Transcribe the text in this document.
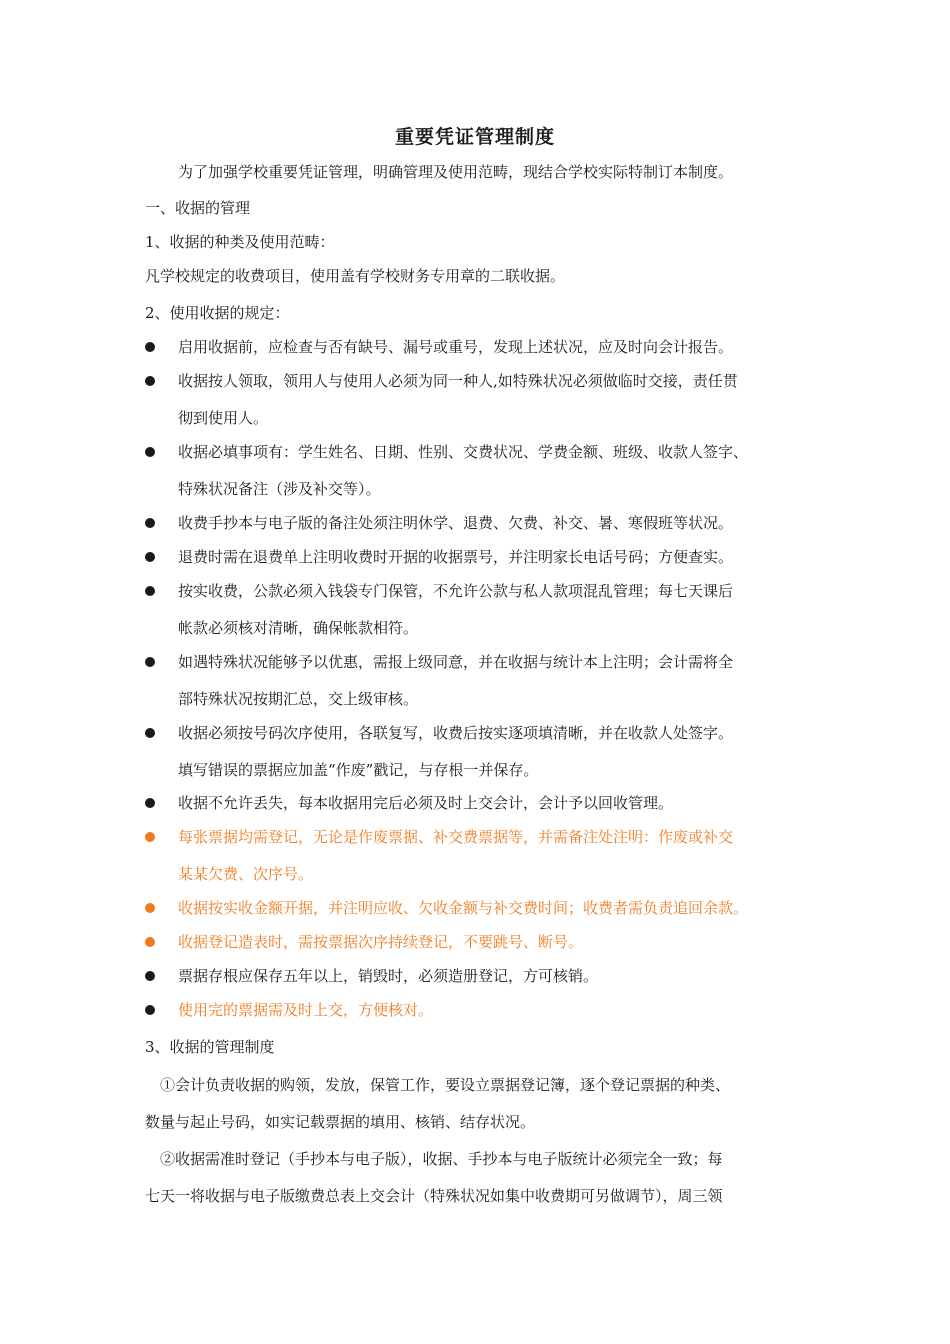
重要凭证管理制度
为了加强学校重要凭证管理，明确管理及使用范畴，现结合学校实际特制订本制度。
一、收据的管理
1、收据的种类及使用范畴：
凡学校规定的收费项目，使用盖有学校财务专用章的二联收据。
2、使用收据的规定：
启用收据前，应检查与否有缺号、漏号或重号，发现上述状况，应及时向会计报告。
收据按人领取，领用人与使用人必须为同一种人,如特殊状况必须做临时交接，责任贯
彻到使用人。
收据必填事项有：学生姓名、日期、性别、交费状况、学费金额、班级、收款人签字、
特殊状况备注（涉及补交等）。
收费手抄本与电子版的备注处须注明休学、退费、欠费、补交、暑、寒假班等状况。
退费时需在退费单上注明收费时开据的收据票号，并注明家长电话号码；方便查实。
按实收费，公款必须入钱袋专门保管，不允许公款与私人款项混乱管理；每七天课后
帐款必须核对清晰，确保帐款相符。
如遇特殊状况能够予以优惠，需报上级同意，并在收据与统计本上注明；会计需将全
部特殊状况按期汇总，交上级审核。
收据必须按号码次序使用，各联复写，收费后按实逐项填清晰，并在收款人处签字。
填写错误的票据应加盖“作废”戳记，与存根一并保存。
收据不允许丢失，每本收据用完后必须及时上交会计，会计予以回收管理。
每张票据均需登记，无论是作废票据、补交费票据等，并需备注处注明：作废或补交
某某欠费、次序号。
收据按实收金额开据，并注明应收、欠收金额与补交费时间；收费者需负责追回余款。
收据登记造表时，需按票据次序持续登记，不要跳号、断号。
票据存根应保存五年以上，销毁时，必须造册登记，方可核销。
使用完的票据需及时上交，方便核对。
3、收据的管理制度
①会计负责收据的购领，发放，保管工作，要设立票据登记簿，逐个登记票据的种类、
数量与起止号码，如实记载票据的填用、核销、结存状况。
②收据需准时登记（手抄本与电子版），收据、手抄本与电子版统计必须完全一致；每
七天一将收据与电子版缴费总表上交会计（特殊状况如集中收费期可另做调节），周三领
